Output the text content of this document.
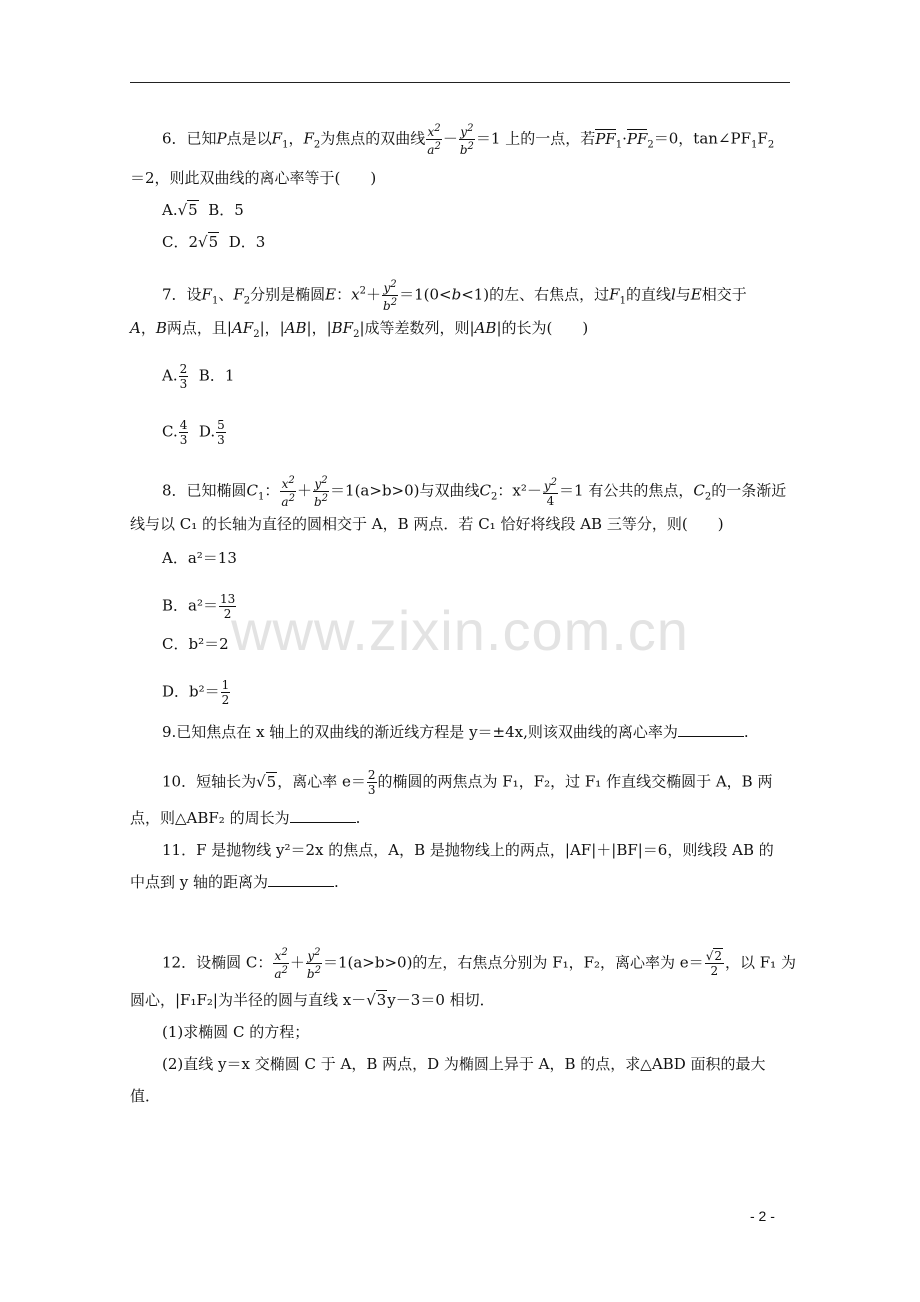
www.zixin.com.cn
6．已知P点是以$F_1$，$F_2$为焦点的双曲线 $\frac{x^2}{a^2} - \frac{y^2}{b^2} =1$ 上的一点，若$PF_1\cdot PF_2=0$，$\tan\angle PF_1F_2$
＝2，则此双曲线的离心率等于(　　)
A.√5 B．5
C．2√5 D．3
7．设$F_1$、$F_2$分别是椭圆E：$x^2+ \frac{y^2}{b^2} =1(0<b<1)$的左、右焦点，过$F_1$的直线l与E相交于
A，B两点，且$|AF_2|$，|AB|，$|BF_2|$成等差数列，则|AB|的长为(　　)
A. $\frac{2}{3}$ B．1
C. $\frac{4}{3} D$. $\frac{5}{3}$
8．已知椭圆$C_1$： $\frac{x^2}{a^2} + \frac{y^2}{b^2} =1(a>b>0)$与双曲线$C_2$：$x^2- \frac{y^2}{4} =1$ 有公共的焦点，$C_2$的一条渐近
线与以 C₁ 的长轴为直径的圆相交于 A，B 两点．若 C₁ 恰好将线段 AB 三等分，则(　　)
A．a²＝13
B．$a^2= \frac{13}{2}$
C．b²＝2
D．$b^2= \frac{1}{2}$
9.已知焦点在 x 轴上的双曲线的渐近线方程是 y＝±4x,则该双曲线的离心率为	.
10．短轴长为√5，离心率 $e= \frac{2}{3}$ 的椭圆的两焦点为 F₁，F₂，过 F₁ 作直线交椭圆于 A，B 两
点，则△ABF₂ 的周长为	.
11．F 是抛物线 y²＝2x 的焦点，A，B 是抛物线上的两点，|AF|＋|BF|＝6，则线段 AB 的
中点到 y 轴的距离为	.
12．设椭圆 C： $\frac{x^2}{a^2} + \frac{y^2}{b^2} =1(a>b>0)$的左，右焦点分别为 F₁，F₂，离心率为 $e= \frac{√2}{2}$ ，以 F₁ 为
圆心，|F₁F₂|为半径的圆与直线 x－√3y－3＝0 相切．
(1)求椭圆 C 的方程；
(2)直线 y＝x 交椭圆 C 于 A，B 两点，D 为椭圆上异于 A，B 的点，求△ABD 面积的最大
值．
- 2 -
